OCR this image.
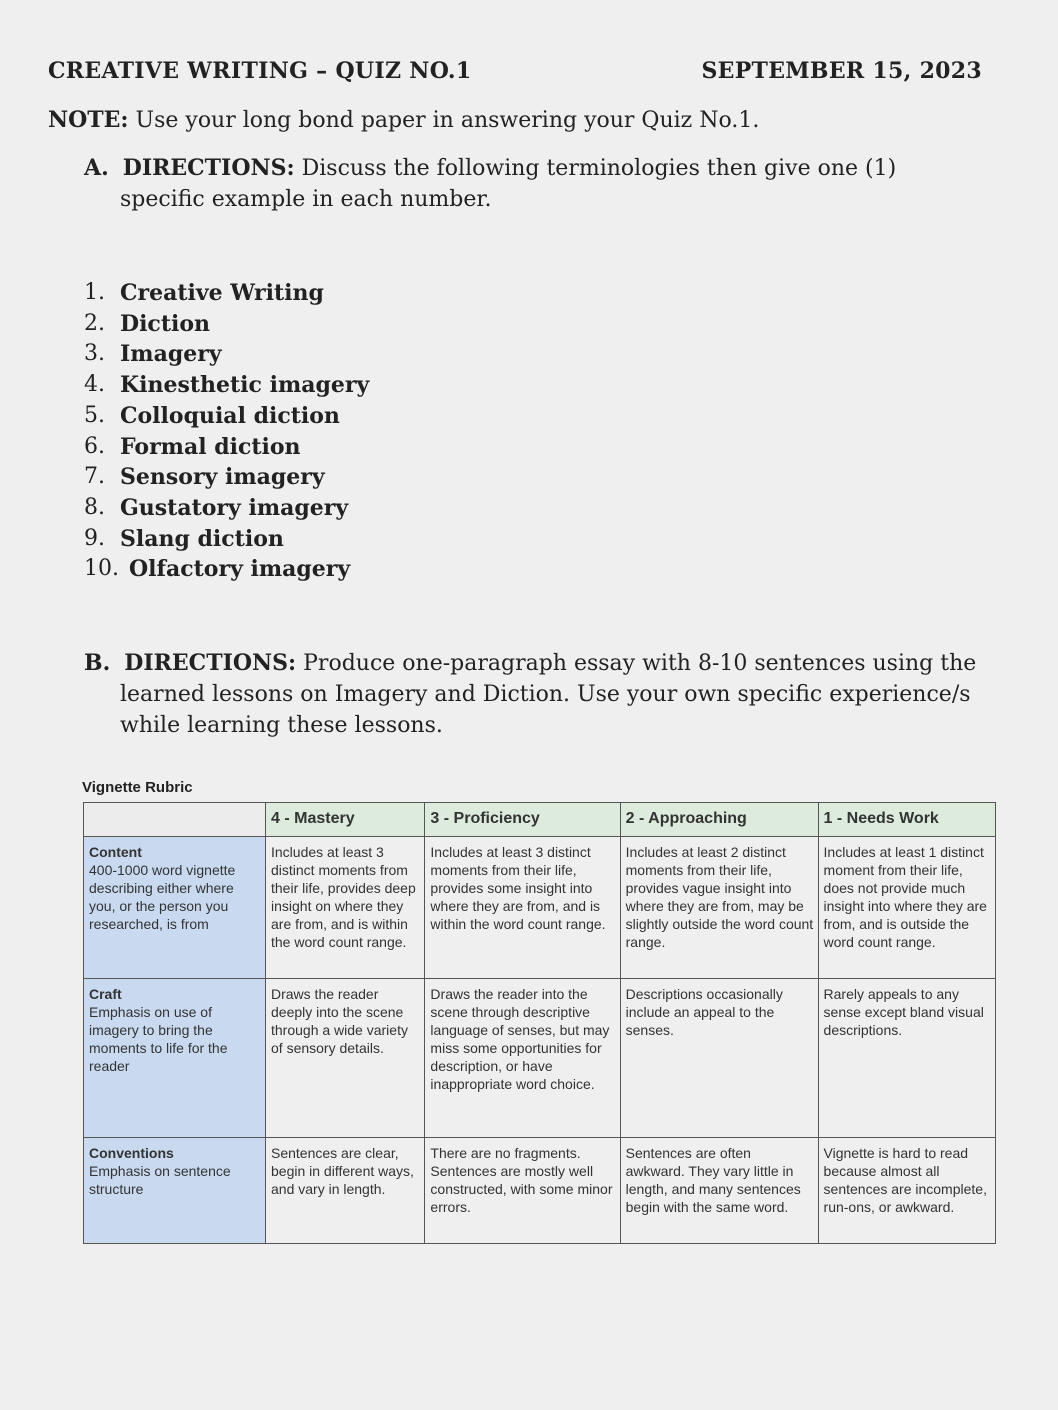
CREATIVE WRITING – QUIZ NO.1	SEPTEMBER 15, 2023
NOTE: Use your long bond paper in answering your Quiz No.1.
A. DIRECTIONS: Discuss the following terminologies then give one (1) specific example in each number.
1. Creative Writing
2. Diction
3. Imagery
4. Kinesthetic imagery
5. Colloquial diction
6. Formal diction
7. Sensory imagery
8. Gustatory imagery
9. Slang diction
10. Olfactory imagery
B. DIRECTIONS: Produce one-paragraph essay with 8-10 sentences using the learned lessons on Imagery and Diction. Use your own specific experience/s while learning these lessons.
Vignette Rubric
	4 - Mastery	3 - Proficiency	2 - Approaching	1 - Needs Work

Content
400-1000 word vignette describing either where you, or the person you researched, is from	Includes at least 3 distinct moments from their life, provides deep insight on where they are from, and is within the word count range.	Includes at least 3 distinct moments from their life, provides some insight into where they are from, and is within the word count range.	Includes at least 2 distinct moments from their life, provides vague insight into where they are from, may be slightly outside the word count range.	Includes at least 1 distinct moment from their life, does not provide much insight into where they are from, and is outside the word count range.

Craft
Emphasis on use of imagery to bring the moments to life for the reader	Draws the reader deeply into the scene through a wide variety of sensory details.	Draws the reader into the scene through descriptive language of senses, but may miss some opportunities for description, or have inappropriate word choice.	Descriptions occasionally include an appeal to the senses.	Rarely appeals to any sense except bland visual descriptions.

Conventions
Emphasis on sentence structure	Sentences are clear, begin in different ways, and vary in length.	There are no fragments. Sentences are mostly well constructed, with some minor errors.	Sentences are often awkward. They vary little in length, and many sentences begin with the same word.	Vignette is hard to read because almost all sentences are incomplete, run-ons, or awkward.
